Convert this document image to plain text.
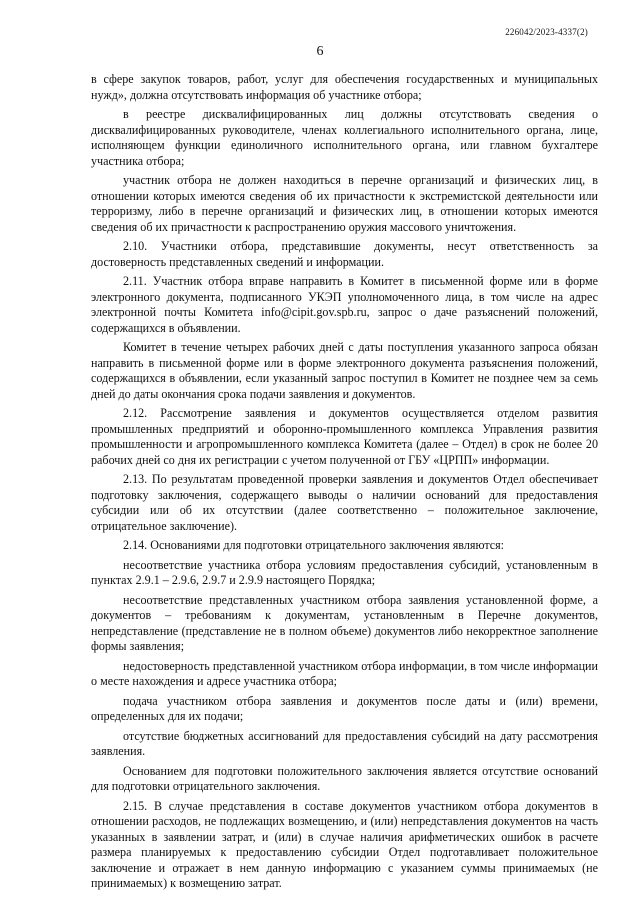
226042/2023-4337(2)
6

в сфере закупок товаров, работ, услуг для обеспечения государственных и муниципальных нужд», должна отсутствовать информация об участнике отбора;

в реестре дисквалифицированных лиц должны отсутствовать сведения о дисквалифицированных руководителе, членах коллегиального исполнительного органа, лице, исполняющем функции единоличного исполнительного органа, или главном бухгалтере участника отбора;

участник отбора не должен находиться в перечне организаций и физических лиц, в отношении которых имеются сведения об их причастности к экстремистской деятельности или терроризму, либо в перечне организаций и физических лиц, в отношении которых имеются сведения об их причастности к распространению оружия массового уничтожения.

2.10. Участники отбора, представившие документы, несут ответственность за достоверность представленных сведений и информации.

2.11. Участник отбора вправе направить в Комитет в письменной форме или в форме электронного документа, подписанного УКЭП уполномоченного лица, в том числе на адрес электронной почты Комитета info@cipit.gov.spb.ru, запрос о даче разъяснений положений, содержащихся в объявлении.

Комитет в течение четырех рабочих дней с даты поступления указанного запроса обязан направить в письменной форме или в форме электронного документа разъяснения положений, содержащихся в объявлении, если указанный запрос поступил в Комитет не позднее чем за семь дней до даты окончания срока подачи заявления и документов.

2.12. Рассмотрение заявления и документов осуществляется отделом развития промышленных предприятий и оборонно-промышленного комплекса Управления развития промышленности и агропромышленного комплекса Комитета (далее – Отдел) в срок не более 20 рабочих дней со дня их регистрации с учетом полученной от ГБУ «ЦРПП» информации.

2.13. По результатам проведенной проверки заявления и документов Отдел обеспечивает подготовку заключения, содержащего выводы о наличии оснований для предоставления субсидии или об их отсутствии (далее соответственно – положительное заключение, отрицательное заключение).

2.14. Основаниями для подготовки отрицательного заключения являются:

несоответствие участника отбора условиям предоставления субсидий, установленным в пунктах 2.9.1 – 2.9.6, 2.9.7 и 2.9.9 настоящего Порядка;

несоответствие представленных участником отбора заявления установленной форме, а документов – требованиям к документам, установленным в Перечне документов, непредставление (представление не в полном объеме) документов либо некорректное заполнение формы заявления;

недостоверность представленной участником отбора информации, в том числе информации о месте нахождения и адресе участника отбора;

подача участником отбора заявления и документов после даты и (или) времени, определенных для их подачи;

отсутствие бюджетных ассигнований для предоставления субсидий на дату рассмотрения заявления.

Основанием для подготовки положительного заключения является отсутствие оснований для подготовки отрицательного заключения.

2.15. В случае представления в составе документов участником отбора документов в отношении расходов, не подлежащих возмещению, и (или) непредставления документов на часть указанных в заявлении затрат, и (или) в случае наличия арифметических ошибок в расчете размера планируемых к предоставлению субсидии Отдел подготавливает положительное заключение и отражает в нем данную информацию с указанием суммы принимаемых (не принимаемых) к возмещению затрат.
